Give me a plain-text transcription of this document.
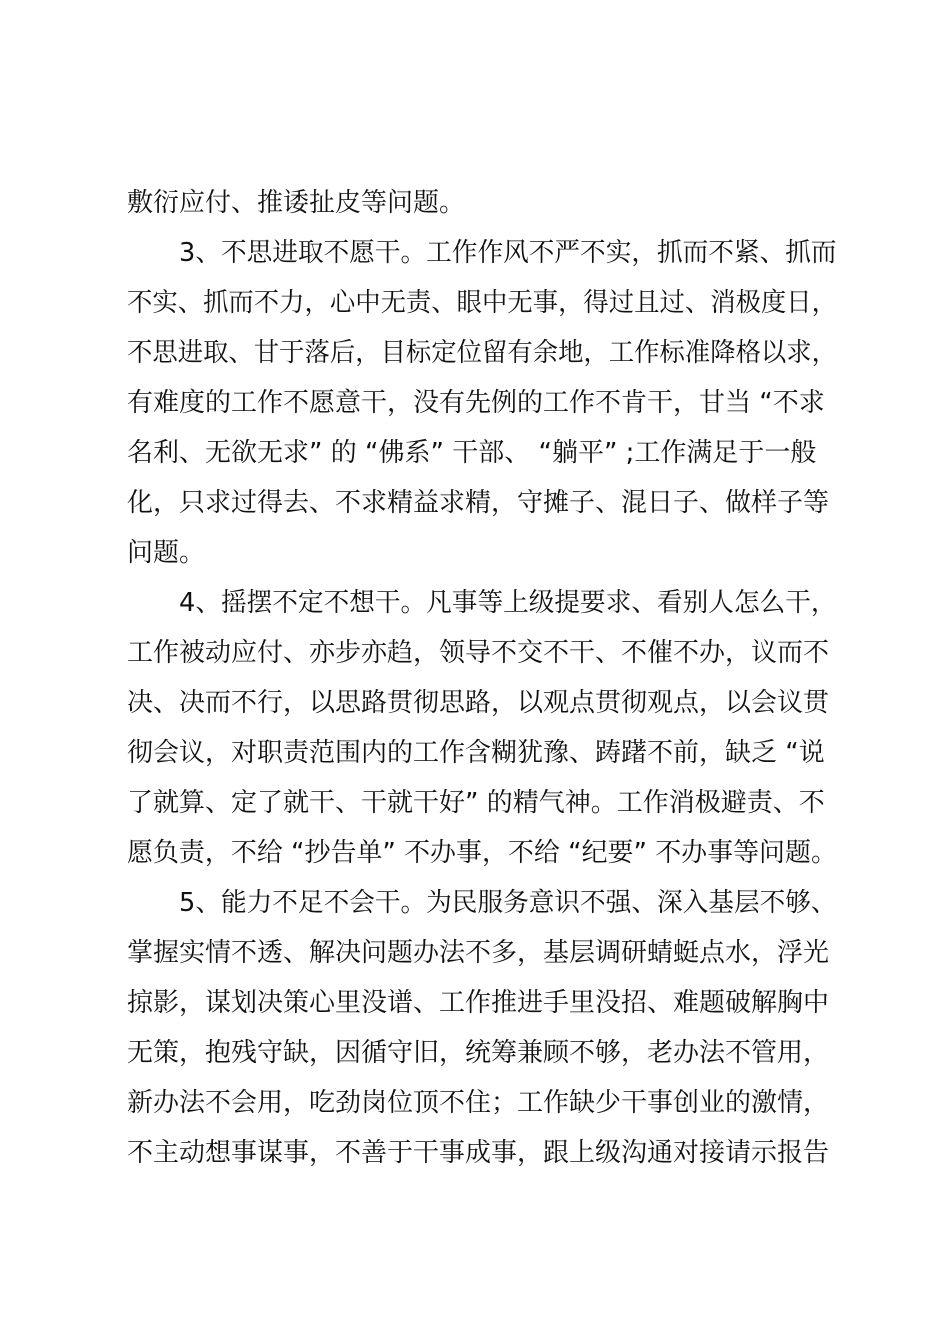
敷衍应付、推诿扯皮等问题。
3、不思进取不愿干。工作作风不严不实，抓而不紧、抓而
不实、抓而不力，心中无责、眼中无事，得过且过、消极度日，
不思进取、甘于落后，目标定位留有余地，工作标准降格以求，
有难度的工作不愿意干，没有先例的工作不肯干，甘当 “不求
名利、无欲无求” 的 “佛系” 干部、 “躺平” ;工作满足于一般
化，只求过得去、不求精益求精，守摊子、混日子、做样子等
问题。
4、摇摆不定不想干。凡事等上级提要求、看别人怎么干，
工作被动应付、亦步亦趋，领导不交不干、不催不办，议而不
决、决而不行，以思路贯彻思路，以观点贯彻观点，以会议贯
彻会议，对职责范围内的工作含糊犹豫、踌躇不前，缺乏 “说
了就算、定了就干、干就干好” 的精气神。工作消极避责、不
愿负责，不给 “抄告单” 不办事，不给 “纪要” 不办事等问题。
5、能力不足不会干。为民服务意识不强、深入基层不够、
掌握实情不透、解决问题办法不多，基层调研蜻蜓点水，浮光
掠影，谋划决策心里没谱、工作推进手里没招、难题破解胸中
无策，抱残守缺，因循守旧，统筹兼顾不够，老办法不管用，
新办法不会用，吃劲岗位顶不住；工作缺少干事创业的激情，
不主动想事谋事，不善于干事成事，跟上级沟通对接请示报告
